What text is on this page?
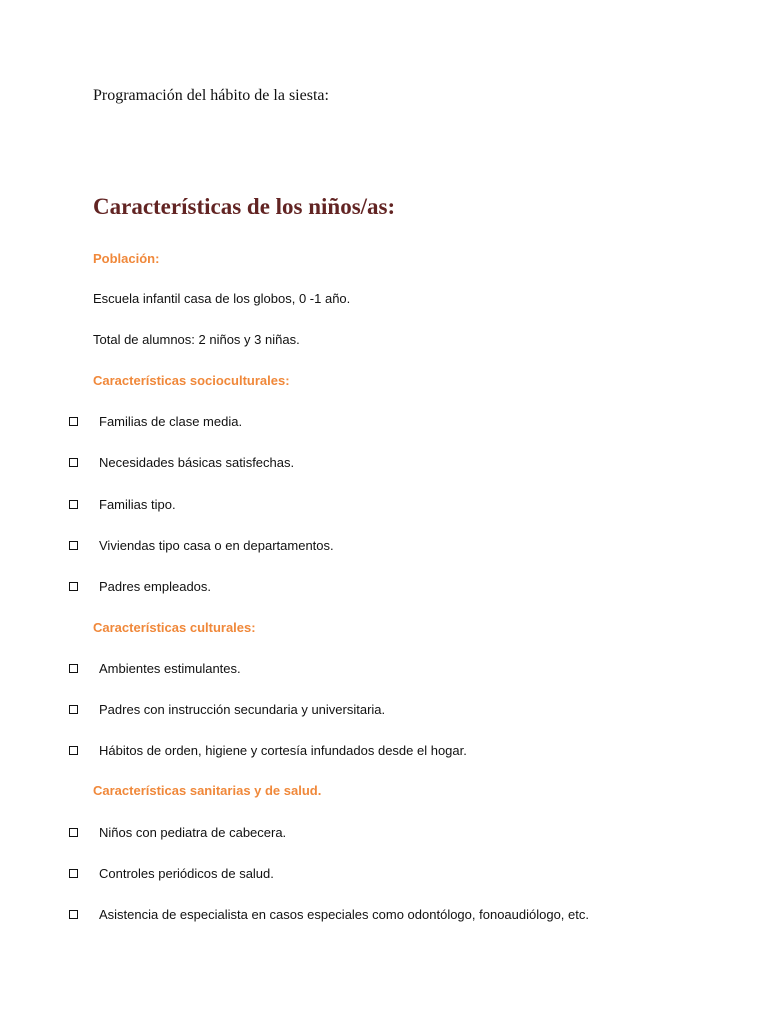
Programación del hábito de la siesta:
Características de los niños/as:
Población:
Escuela infantil casa de los globos, 0 -1 año.
Total de alumnos: 2 niños y 3 niñas.
Características socioculturales:
Familias de clase media.
Necesidades básicas satisfechas.
Familias tipo.
Viviendas tipo casa o en departamentos.
Padres empleados.
Características culturales:
Ambientes estimulantes.
Padres con instrucción secundaria y universitaria.
Hábitos de orden, higiene y cortesía infundados desde el hogar.
Características sanitarias y de salud.
Niños con pediatra de cabecera.
Controles periódicos de salud.
Asistencia de especialista en casos especiales como odontólogo, fonoaudiólogo, etc.
